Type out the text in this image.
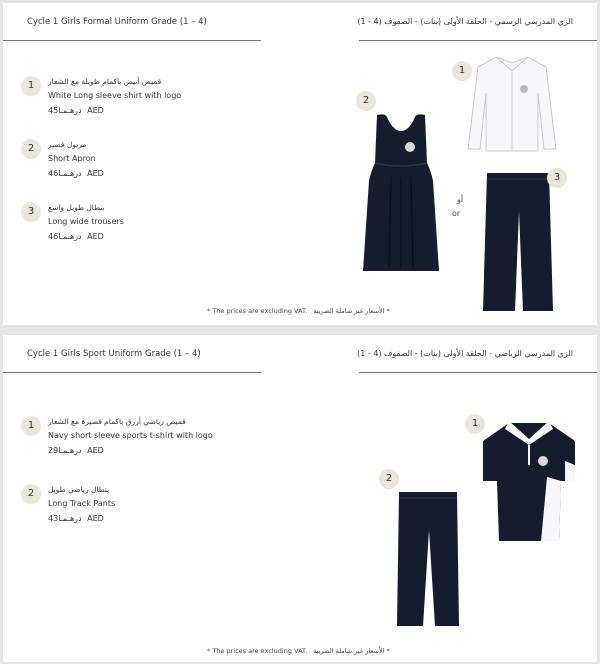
Cycle 1 Girls Formal Uniform Grade (1 – 4)	الزي المدرسي الرسمي - الحلقة الأولى (بنات) - الصفوف (4 - 1)
1	قميص أبيض باكمام طويلة مع الشعار
White Long sleeve shirt with logo
درهـمـا45 AED
2	مريول قصير
Short Apron
درهـمـا46 AED
3	بنطال طويل واسع
Long wide trousers
درهـمـا46 AED
2
أو
or
1
3
* The prices are excluding VAT. الأسعار غير شاملة الضريبة *
Cycle 1 Girls Sport Uniform Grade (1 – 4)	الزي المدرسي الرياضي - الحلقة الأولى (بنات) - الصفوف (4 - 1)
1	قميص رياضي أزرق باكمام قصيرة مع الشعار
Navy short sleeve sports t-shirt with logo
درهـمـا29 AED
2	بنطال رياضي طويل
Long Track Pants
درهـمـا43 AED
1
2
* The prices are excluding VAT. الأسعار غير شاملة الضريبة *
